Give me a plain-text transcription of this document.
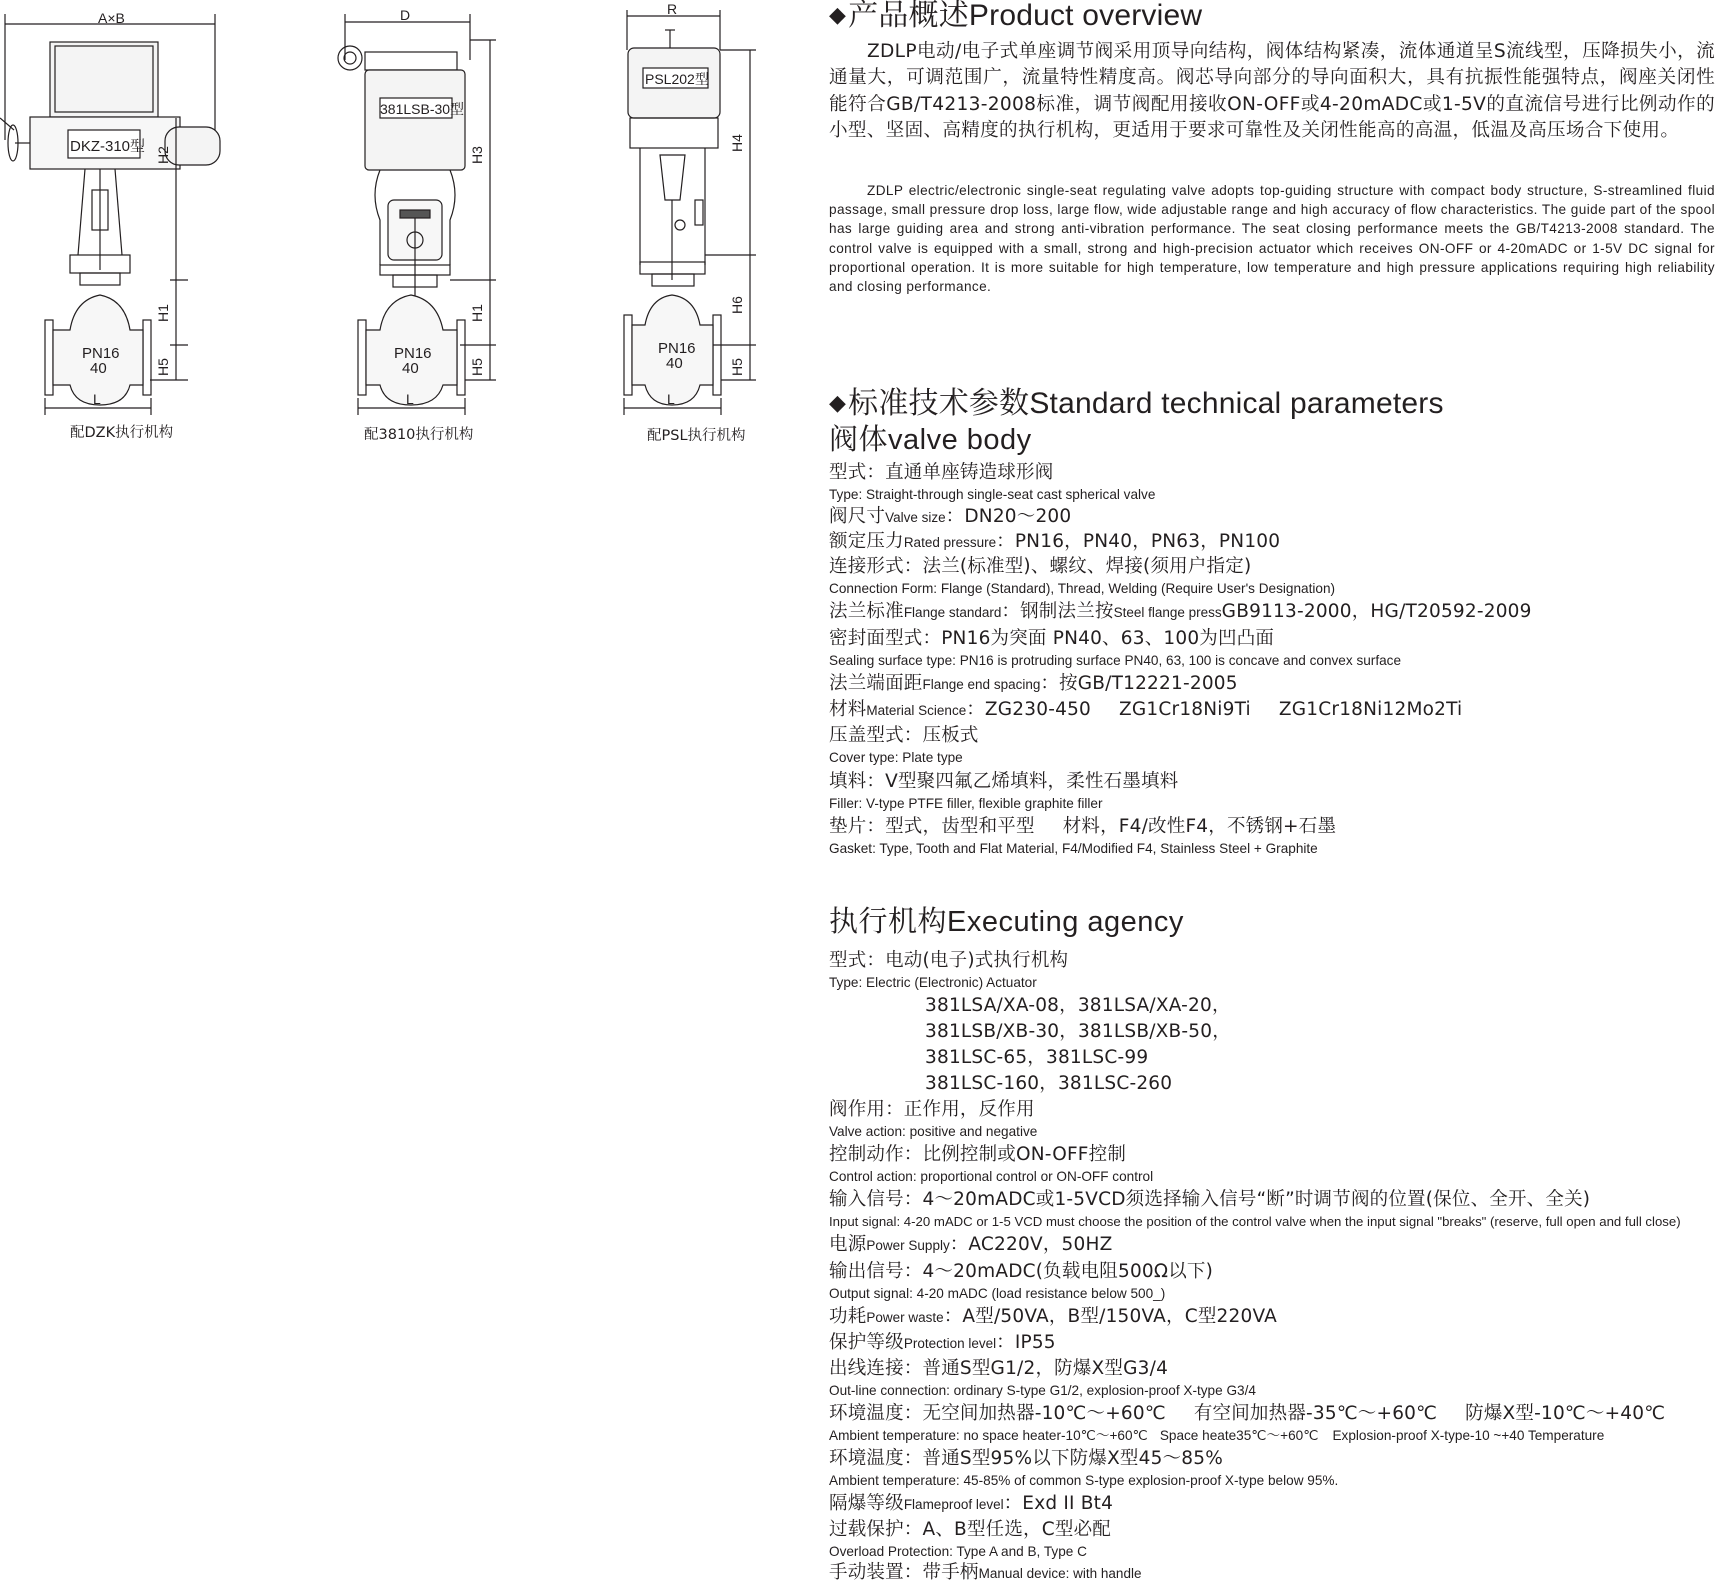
A×B
DKZ-310型
PN16
40
H2
H1
H5
L
D
381LSB-30型
PN16
40
H3
H1
H5
L
R
PSL202型
PN16
40
H4
H6
H5
L
配DZK执行机构	配3810执行机构	配PSL执行机构
◆产品概述Product overview
ZDLP电动/电子式单座调节阀采用顶导向结构，阀体结构紧凑，流体通道呈S流线型，压降损失小，流通量大，可调范围广，流量特性精度高。阀芯导向部分的导向面积大，具有抗振性能强特点，阀座关闭性能符合GB/T4213-2008标准，调节阀配用接收ON-OFF或4-20mADC或1-5V的直流信号进行比例动作的小型、坚固、高精度的执行机构，更适用于要求可靠性及关闭性能高的高温，低温及高压场合下使用。
ZDLP electric/electronic single-seat regulating valve adopts top-guiding structure with compact body structure, S-streamlined fluid passage, small pressure drop loss, large flow, wide adjustable range and high accuracy of flow characteristics. The guide part of the spool has large guiding area and strong anti-vibration performance. The seat closing performance meets the GB/T4213-2008 standard. The control valve is equipped with a small, strong and high-precision actuator which receives ON-OFF or 4-20mADC or 1-5V DC signal for proportional operation. It is more suitable for high temperature, low temperature and high pressure applications requiring high reliability and closing performance.
◆标准技术参数Standard technical parameters
阀体valve body
型式：直通单座铸造球形阀
Type: Straight-through single-seat cast spherical valve
阀尺寸Valve size：DN20～200
额定压力Rated pressure：PN16，PN40，PN63，PN100
连接形式：法兰(标准型)、螺纹、焊接(须用户指定)
Connection Form: Flange (Standard), Thread, Welding (Require User's Designation)
法兰标准Flange standard：钢制法兰按Steel flange pressGB9113-2000，HG/T20592-2009
密封面型式：PN16为突面 PN40、63、100为凹凸面
Sealing surface type: PN16 is protruding surface PN40, 63, 100 is concave and convex surface
法兰端面距Flange end spacing：按GB/T12221-2005
材料Material Science：ZG230-450 ZG1Cr18Ni9Ti ZG1Cr18Ni12Mo2Ti
压盖型式：压板式
Cover type: Plate type
填料：V型聚四氟乙烯填料，柔性石墨填料
Filler: V-type PTFE filler, flexible graphite filler
垫片：型式，齿型和平型 材料，F4/改性F4，不锈钢+石墨
Gasket: Type, Tooth and Flat Material, F4/Modified F4, Stainless Steel + Graphite
执行机构Executing agency
型式：电动(电子)式执行机构
Type: Electric (Electronic) Actuator
381LSA/XA-08，381LSA/XA-20，
381LSB/XB-30，381LSB/XB-50，
381LSC-65，381LSC-99
381LSC-160，381LSC-260
阀作用：正作用，反作用
Valve action: positive and negative
控制动作：比例控制或ON-OFF控制
Control action: proportional control or ON-OFF control
输入信号：4～20mADC或1-5VCD须选择输入信号“断”时调节阀的位置(保位、全开、全关)
Input signal: 4-20 mADC or 1-5 VCD must choose the position of the control valve when the input signal "breaks" (reserve, full open and full close)
电源Power Supply：AC220V，50HZ
输出信号：4～20mADC(负载电阻500Ω以下)
Output signal: 4-20 mADC (load resistance below 500_)
功耗Power waste：A型/50VA，B型/150VA，C型220VA
保护等级Protection level：IP55
出线连接：普通S型G1/2，防爆X型G3/4
Out-line connection: ordinary S-type G1/2, explosion-proof X-type G3/4
环境温度：无空间加热器-10℃～+60℃ 有空间加热器-35℃～+60℃ 防爆X型-10℃～+40℃
Ambient temperature: no space heater-10℃～+60℃ Space heate35℃～+60℃ Explosion-proof X-type-10 ~+40 Temperature
环境温度：普通S型95%以下防爆X型45～85%
Ambient temperature: 45-85% of common S-type explosion-proof X-type below 95%.
隔爆等级Flameproof level：Exd II Bt4
过载保护：A、B型任选，C型必配
Overload Protection: Type A and B, Type C
手动装置：带手柄Manual device: with handle
